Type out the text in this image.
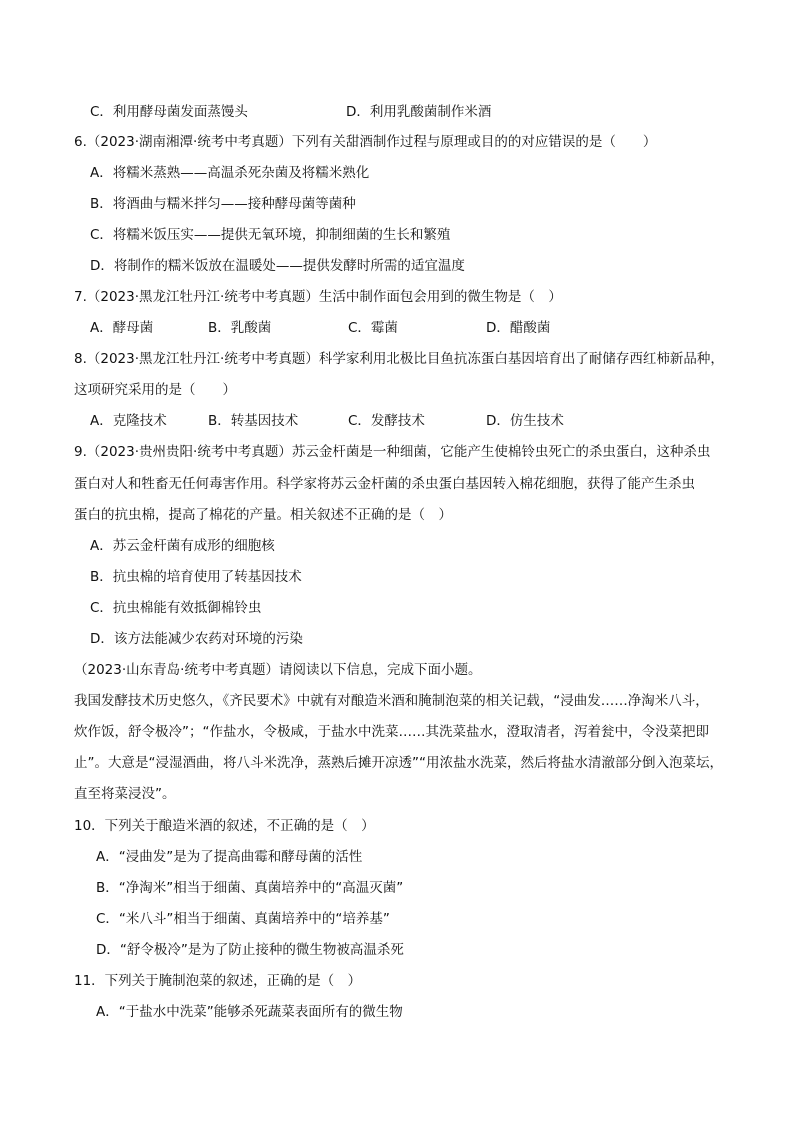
C．利用酵母菌发面蒸馒头	D．利用乳酸菌制作米酒
6.（2023·湖南湘潭·统考中考真题）下列有关甜酒制作过程与原理或目的的对应错误的是（　　）
A．将糯米蒸熟——高温杀死杂菌及将糯米熟化
B．将酒曲与糯米拌匀——接种酵母菌等菌种
C．将糯米饭压实——提供无氧环境，抑制细菌的生长和繁殖
D．将制作的糯米饭放在温暖处——提供发酵时所需的适宜温度
7.（2023·黑龙江牡丹江·统考中考真题）生活中制作面包会用到的微生物是（　）
A．酵母菌	B．乳酸菌	C．霉菌	D．醋酸菌
8.（2023·黑龙江牡丹江·统考中考真题）科学家利用北极比目鱼抗冻蛋白基因培育出了耐储存西红柿新品种，
这项研究采用的是（　　）
A．克隆技术	B．转基因技术	C．发酵技术	D．仿生技术
9.（2023·贵州贵阳·统考中考真题）苏云金杆菌是一种细菌，它能产生使棉铃虫死亡的杀虫蛋白，这种杀虫
蛋白对人和牲畜无任何毒害作用。科学家将苏云金杆菌的杀虫蛋白基因转入棉花细胞，获得了能产生杀虫
蛋白的抗虫棉，提高了棉花的产量。相关叙述不正确的是（　）
A．苏云金杆菌有成形的细胞核
B．抗虫棉的培育使用了转基因技术
C．抗虫棉能有效抵御棉铃虫
D．该方法能减少农药对环境的污染
（2023·山东青岛·统考中考真题）请阅读以下信息，完成下面小题。
我国发酵技术历史悠久，《齐民要术》中就有对酿造米酒和腌制泡菜的相关记载，“浸曲发……净淘米八斗，
炊作饭，舒令极冷”；“作盐水，令极咸，于盐水中洗菜……其洗菜盐水，澄取清者，泻着瓮中，令没菜把即
止”。大意是“浸湿酒曲，将八斗米洗净，蒸熟后摊开凉透”“用浓盐水洗菜，然后将盐水清澈部分倒入泡菜坛，
直至将菜浸没”。
10．下列关于酿造米酒的叙述，不正确的是（　）
A．“浸曲发”是为了提高曲霉和酵母菌的活性
B．“净淘米”相当于细菌、真菌培养中的“高温灭菌”
C．“米八斗”相当于细菌、真菌培养中的“培养基”
D．“舒令极冷”是为了防止接种的微生物被高温杀死
11．下列关于腌制泡菜的叙述，正确的是（　）
A．“于盐水中洗菜”能够杀死蔬菜表面所有的微生物
